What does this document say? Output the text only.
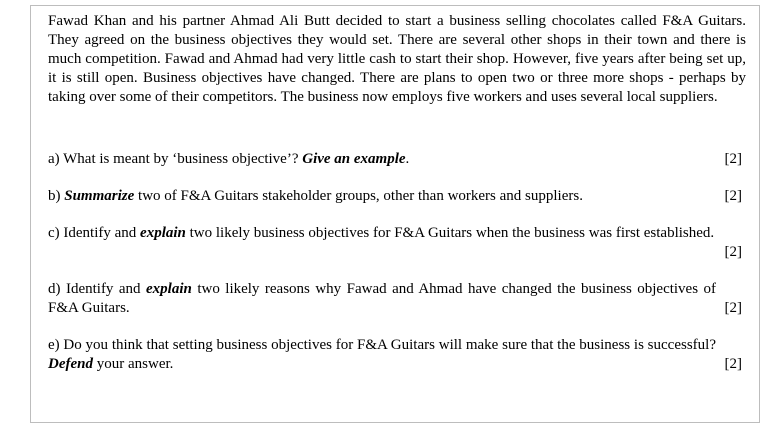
Fawad Khan and his partner Ahmad Ali Butt decided to start a business selling chocolates called F&A Guitars. They agreed on the business objectives they would set. There are several other shops in their town and there is much competition. Fawad and Ahmad had very little cash to start their shop. However, five years after being set up, it is still open. Business objectives have changed. There are plans to open two or three more shops - perhaps by taking over some of their competitors. The business now employs five workers and uses several local suppliers.

a) What is meant by ‘business objective’? Give an example.	[2]
b) Summarize two of F&A Guitars stakeholder groups, other than workers and suppliers.	[2]
c) Identify and explain two likely business objectives for F&A Guitars when the business was first established.
[2]
d) Identify and explain two likely reasons why Fawad and Ahmad have changed the business objectives of F&A Guitars.	[2]
e) Do you think that setting business objectives for F&A Guitars will make sure that the business is successful? Defend your answer.	[2]
